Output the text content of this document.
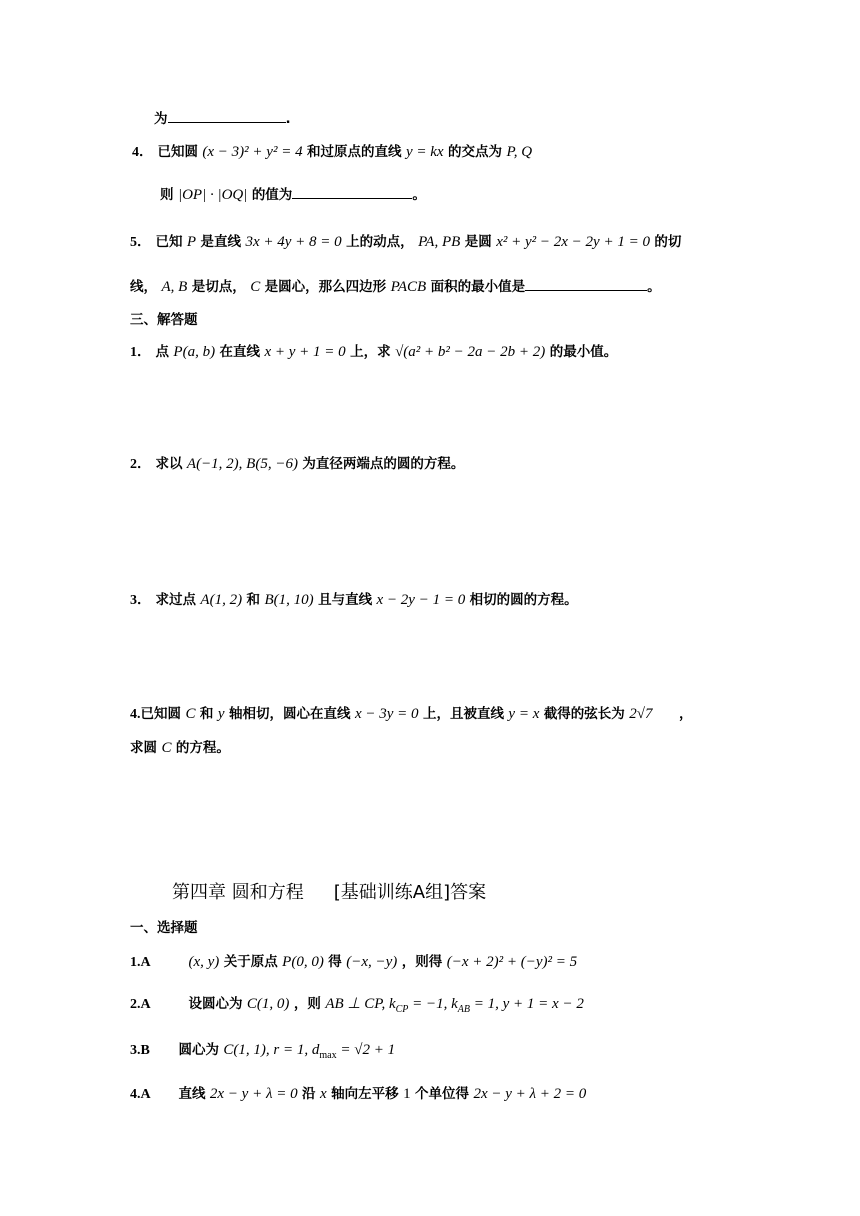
为	.
4． 已知圆 (x − 3)² + y² = 4 和过原点的直线 y = kx 的交点为 P, Q
则 |OP| · |OQ| 的值为	。
5． 已知 P 是直线 3x + 4y + 8 = 0 上的动点， PA, PB 是圆 x² + y² − 2x − 2y + 1 = 0 的切
线， A, B 是切点， C 是圆心，那么四边形 PACB 面积的最小值是	。
三、解答题
1． 点 P(a, b) 在直线 x + y + 1 = 0 上，求 √(a² + b² − 2a − 2b + 2) 的最小值。
2． 求以 A(−1, 2), B(5, −6) 为直径两端点的圆的方程。
3． 求过点 A(1, 2) 和 B(1, 10) 且与直线 x − 2y − 1 = 0 相切的圆的方程。
4.已知圆 C 和 y 轴相切，圆心在直线 x − 3y = 0 上，且被直线 y = x 截得的弦长为 2√7 ，
求圆 C 的方程。
第四章 圆和方程 [基础训练A组]答案
一、选择题
1.A	(x, y) 关于原点 P(0, 0) 得 (−x, −y) ，则得 (−x + 2)² + (−y)² = 5
2.A	设圆心为 C(1, 0) ，则 AB ⊥ CP, $k_{CP} = -1$, $k_{AB} = 1$, y + 1 = x − 2
3.B 圆心为 C(1, 1), r = 1, $d_{max} = √2 + 1$
4.A 直线 2x − y + λ = 0 沿 x 轴向左平移 1 个单位得 2x − y + λ + 2 = 0
